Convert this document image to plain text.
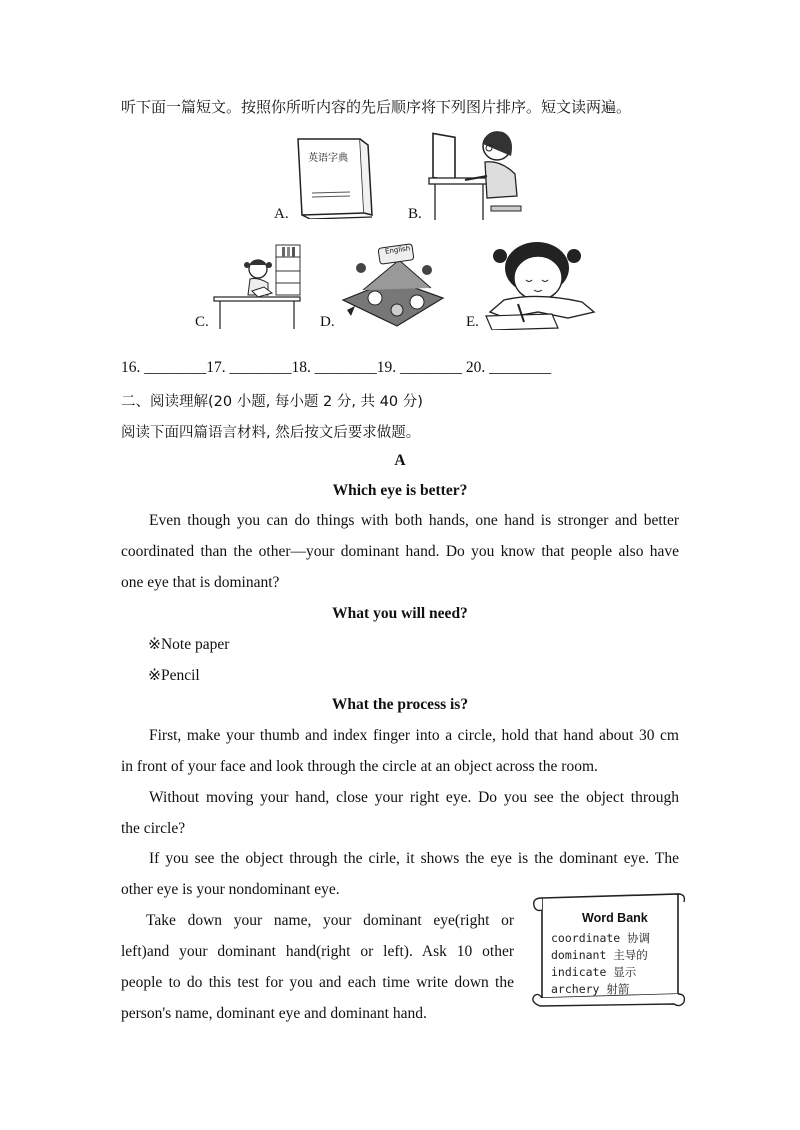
听下面一篇短文。按照你所听内容的先后顺序将下列图片排序。短文读两遍。
英语字典
A.	B.
C.
English
D.	E.
16. ________17. ________18. ________19. ________ 20. ________
二、阅读理解(20 小题, 每小题 2 分, 共 40 分)
阅读下面四篇语言材料, 然后按文后要求做题。
A
Which eye is better?
Even though you can do things with both hands, one hand is stronger and better
coordinated than the other—your dominant hand. Do you know that people also have
one eye that is dominant?
What you will need?
※Note paper
※Pencil
What the process is?
First, make your thumb and index finger into a circle, hold that hand about 30 cm
in front of your face and look through the circle at an object across the room.
Without moving your hand, close your right eye. Do you see the object through
the circle?
If you see the object through the cirle, it shows the eye is the dominant eye. The
other eye is your nondominant eye.
Take down your name, your dominant eye(right or
left)and your dominant hand(right or left). Ask 10 other
people to do this test for you and each time write down the
person's name, dominant eye and dominant hand.
Word Bank
coordinate 协调
dominant 主导的
indicate 显示
archery 射箭
